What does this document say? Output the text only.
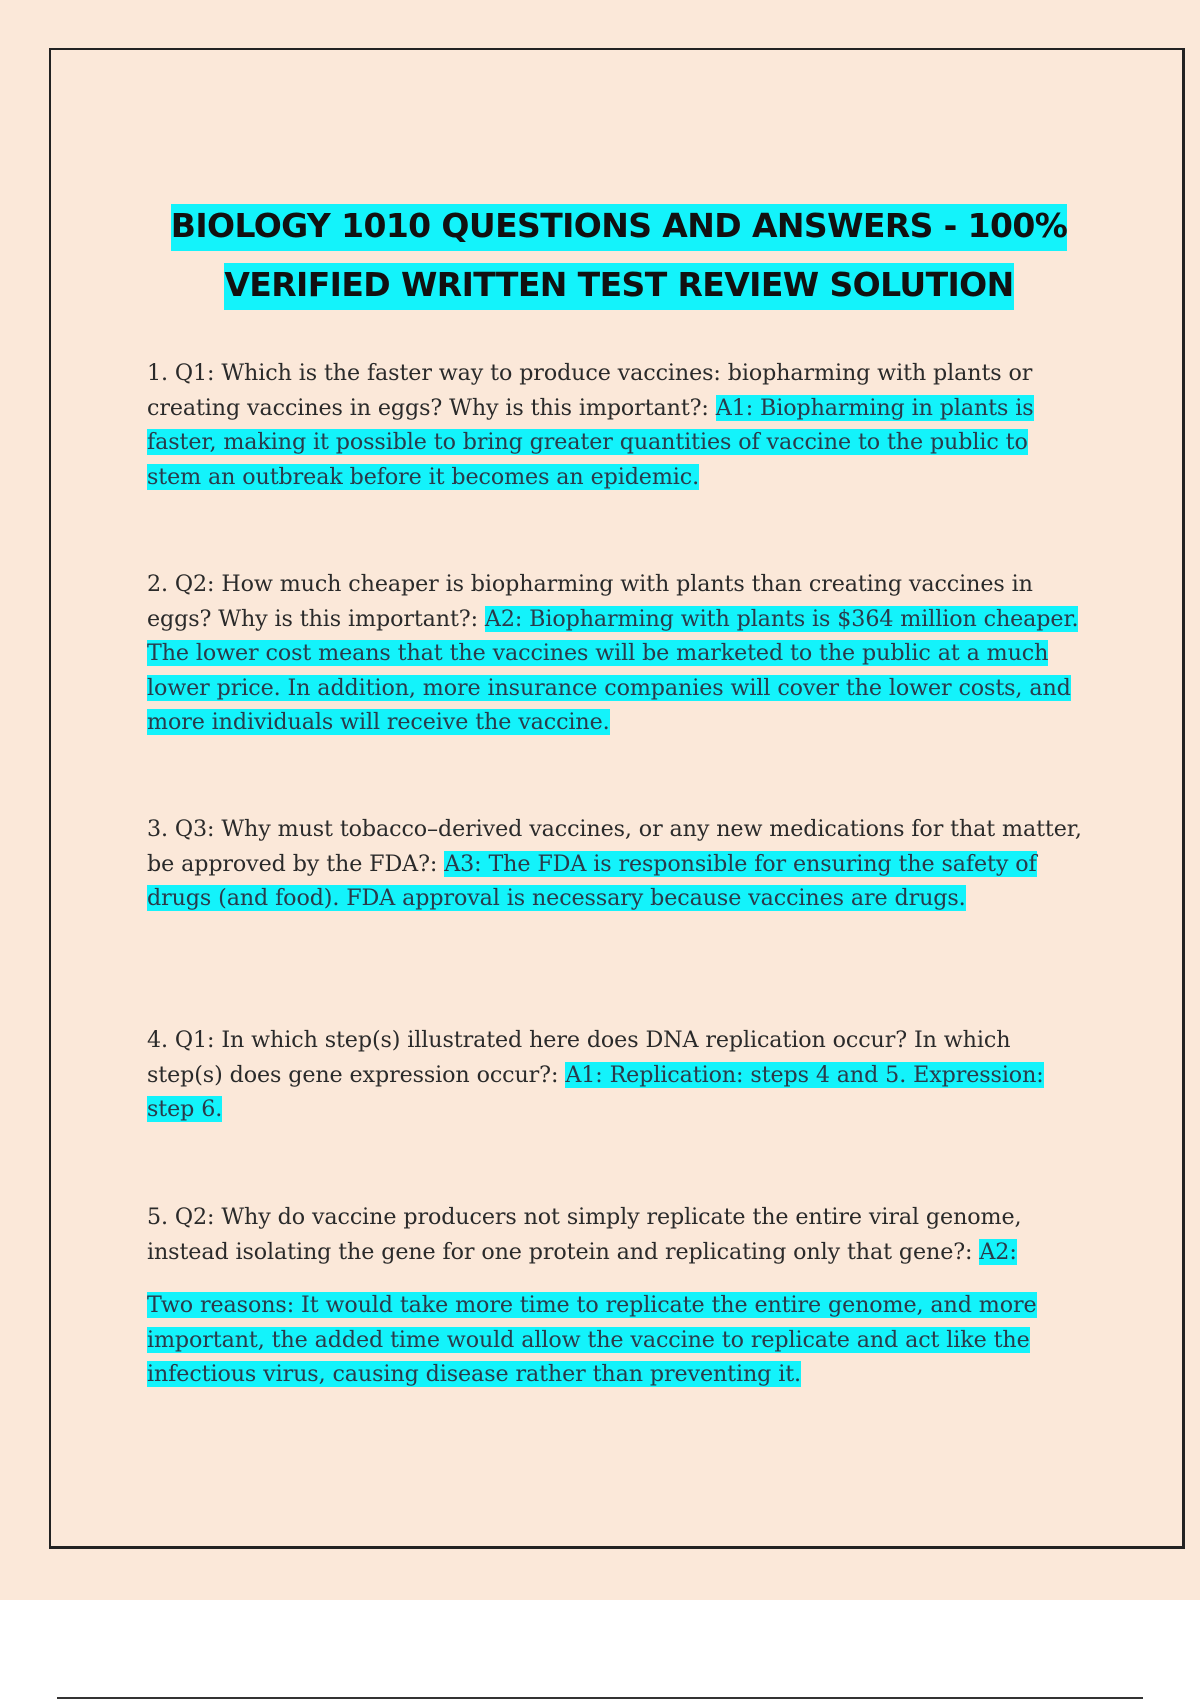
BIOLOGY 1010 QUESTIONS AND ANSWERS - 100%
VERIFIED WRITTEN TEST REVIEW SOLUTION
1. Q1: Which is the faster way to produce vaccines: biopharming with plants or creating vaccines in eggs? Why is this important?: A1: Biopharming in plants is faster, making it possible to bring greater quantities of vaccine to the public to stem an outbreak before it becomes an epidemic.
2. Q2: How much cheaper is biopharming with plants than creating vaccines in eggs? Why is this important?: A2: Biopharming with plants is $364 million cheaper. The lower cost means that the vaccines will be marketed to the public at a much lower price. In addition, more insurance companies will cover the lower costs, and more individuals will receive the vaccine.
3. Q3: Why must tobacco–derived vaccines, or any new medications for that matter, be approved by the FDA?: A3: The FDA is responsible for ensuring the safety of drugs (and food). FDA approval is necessary because vaccines are drugs.
4. Q1: In which step(s) illustrated here does DNA replication occur? In which step(s) does gene expression occur?: A1: Replication: steps 4 and 5. Expression: step 6.
5. Q2: Why do vaccine producers not simply replicate the entire viral genome, instead isolating the gene for one protein and replicating only that gene?: A2:
Two reasons: It would take more time to replicate the entire genome, and more important, the added time would allow the vaccine to replicate and act like the infectious virus, causing disease rather than preventing it.
